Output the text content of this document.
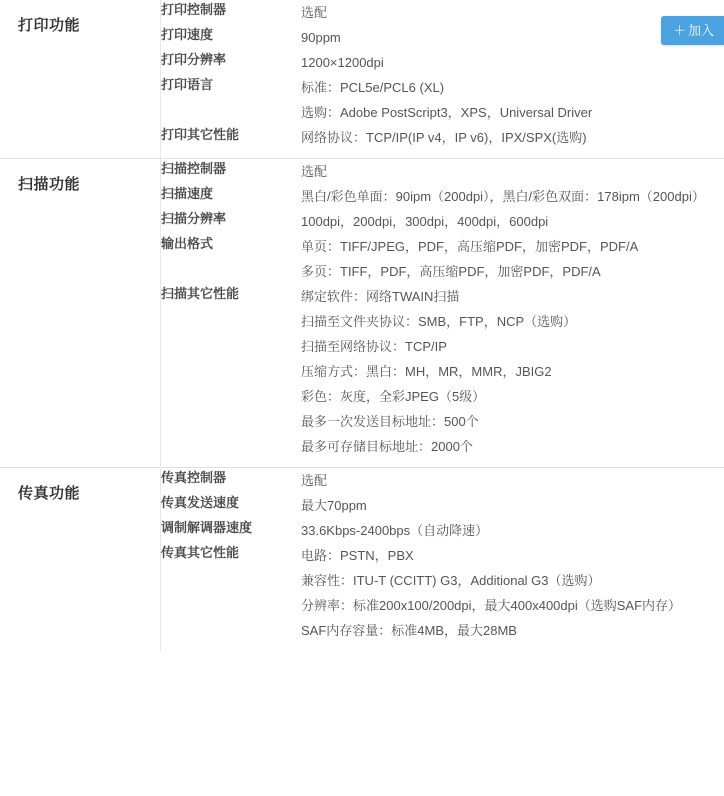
＋ 加入
打印功能	
打印控制器	选配

打印速度	90ppm

打印分辨率	1200×1200dpi

打印语言	标准：PCL5e/PCL6 (XL)
选购：Adobe PostScript3，XPS，Universal Driver

打印其它性能	网络协议：TCP/IP(IP v4，IP v6)，IPX/SPX(选购)

扫描功能	
扫描控制器	选配

扫描速度	黑白/彩色单面：90ipm（200dpi），黑白/彩色双面：178ipm（200dpi）

扫描分辨率	100dpi，200dpi，300dpi，400dpi，600dpi

输出格式	单页：TIFF/JPEG，PDF，高压缩PDF，加密PDF，PDF/A
多页：TIFF，PDF，高压缩PDF，加密PDF，PDF/A

扫描其它性能	绑定软件：网络TWAIN扫描
扫描至文件夹协议：SMB，FTP，NCP（选购）
扫描至网络协议：TCP/IP
压缩方式：黑白：MH，MR，MMR，JBIG2
彩色：灰度，全彩JPEG（5级）
最多一次发送目标地址：500个
最多可存储目标地址：2000个

传真功能	
传真控制器	选配

传真发送速度	最大70ppm

调制解调器速度	33.6Kbps-2400bps（自动降速）

传真其它性能	电路：PSTN，PBX
兼容性：ITU-T (CCITT) G3，Additional G3（选购）
分辨率：标准200x100/200dpi，最大400x400dpi（选购SAF内存）
SAF内存容量：标准4MB，最大28MB
